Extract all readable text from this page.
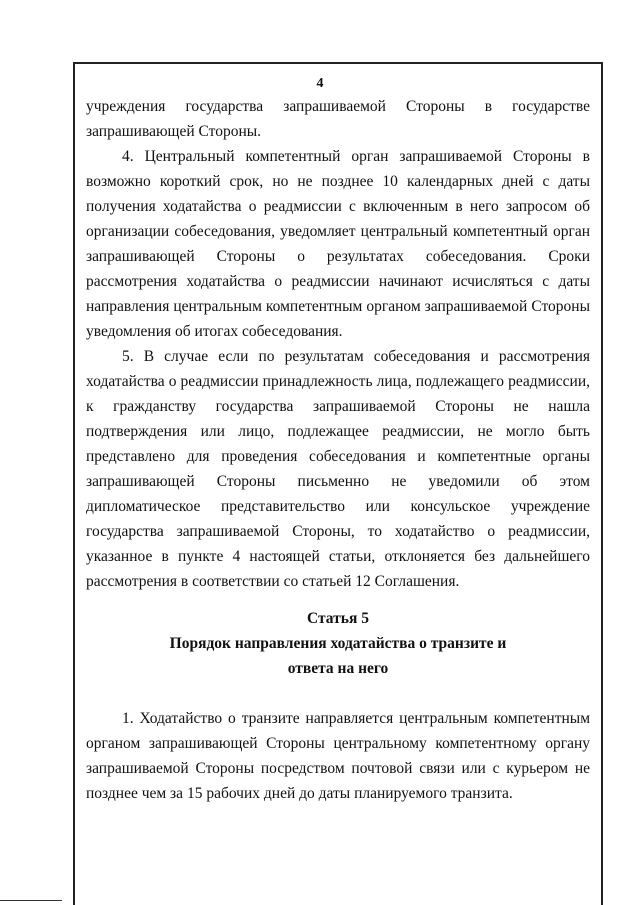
4

учреждения государства запрашиваемой Стороны в государстве запрашивающей Стороны.

4. Центральный компетентный орган запрашиваемой Стороны в возможно короткий срок, но не позднее 10 календарных дней с даты получения ходатайства о реадмиссии с включенным в него запросом об организации собеседования, уведомляет центральный компетентный орган запрашивающей Стороны о результатах собеседования. Сроки рассмотрения ходатайства о реадмиссии начинают исчисляться с даты направления центральным компетентным органом запрашиваемой Стороны уведомления об итогах собеседования.

5. В случае если по результатам собеседования и рассмотрения ходатайства о реадмиссии принадлежность лица, подлежащего реадмиссии, к гражданству государства запрашиваемой Стороны не нашла подтверждения или лицо, подлежащее реадмиссии, не могло быть представлено для проведения собеседования и компетентные органы запрашивающей Стороны письменно не уведомили об этом дипломатическое представительство или консульское учреждение государства запрашиваемой Стороны, то ходатайство о реадмиссии, указанное в пункте 4 настоящей статьи, отклоняется без дальнейшего рассмотрения в соответствии со статьей 12 Соглашения.

Статья 5
Порядок направления ходатайства о транзите и
ответа на него

1. Ходатайство о транзите направляется центральным компетентным органом запрашивающей Стороны центральному компетентному органу запрашиваемой Стороны посредством почтовой связи или с курьером не позднее чем за 15 рабочих дней до даты планируемого транзита.
